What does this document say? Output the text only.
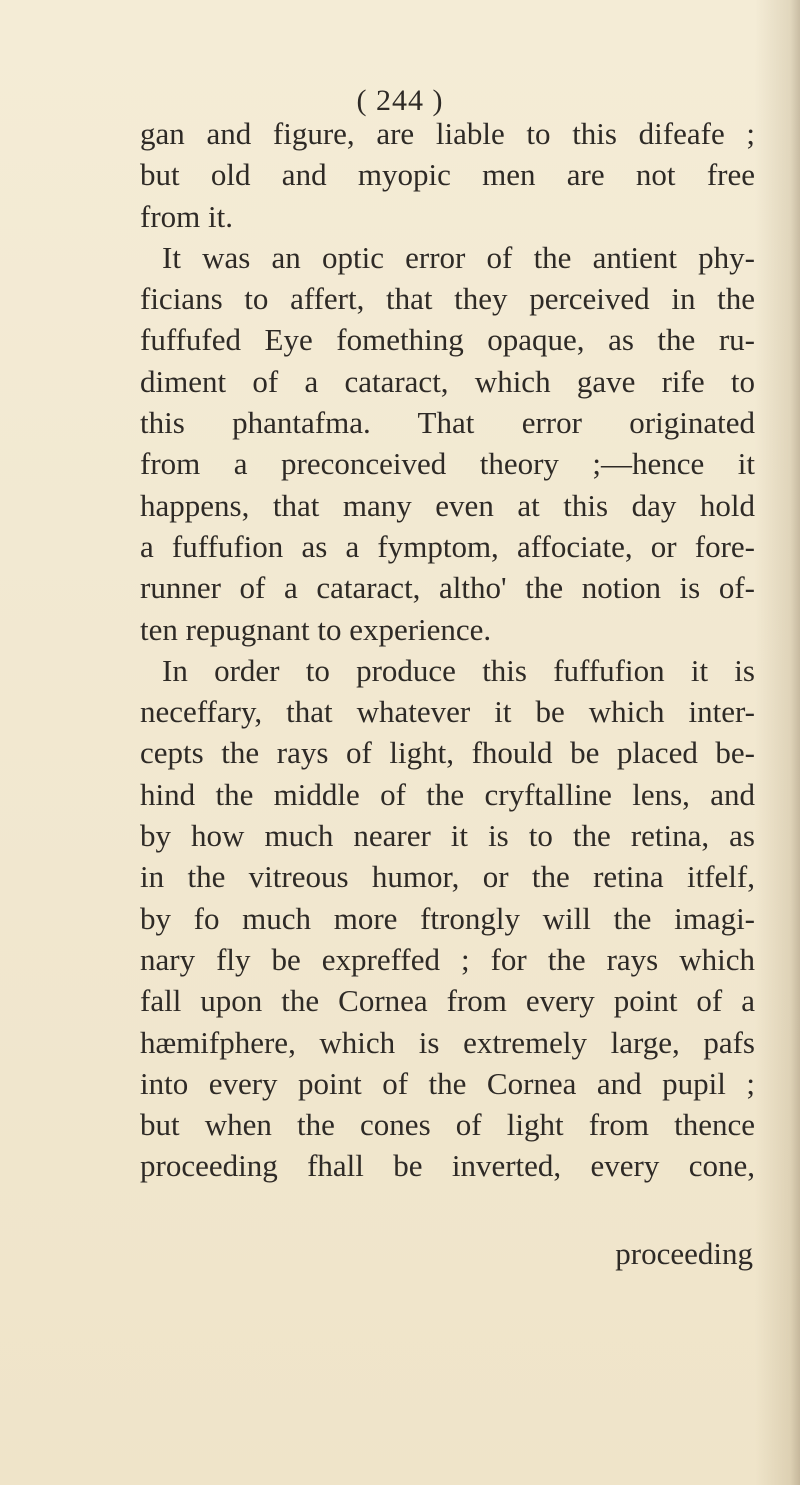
( 244 )
gan and figure, are liable to this difeafe ;
but old and myopic men are not free
from it.
It was an optic error of the antient phy-
ficians to affert, that they perceived in the
fuffufed Eye fomething opaque, as the ru-
diment of a cataract, which gave rife to
this phantafma. That error originated
from a preconceived theory ;—hence it
happens, that many even at this day hold
a fuffufion as a fymptom, affociate, or fore-
runner of a cataract, altho' the notion is of-
ten repugnant to experience.
In order to produce this fuffufion it is
neceffary, that whatever it be which inter-
cepts the rays of light, fhould be placed be-
hind the middle of the cryftalline lens, and
by how much nearer it is to the retina, as
in the vitreous humor, or the retina itfelf,
by fo much more ftrongly will the imagi-
nary fly be expreffed ; for the rays which
fall upon the Cornea from every point of a
hæmifphere, which is extremely large, pafs
into every point of the Cornea and pupil ;
but when the cones of light from thence
proceeding fhall be inverted, every cone,
proceeding
